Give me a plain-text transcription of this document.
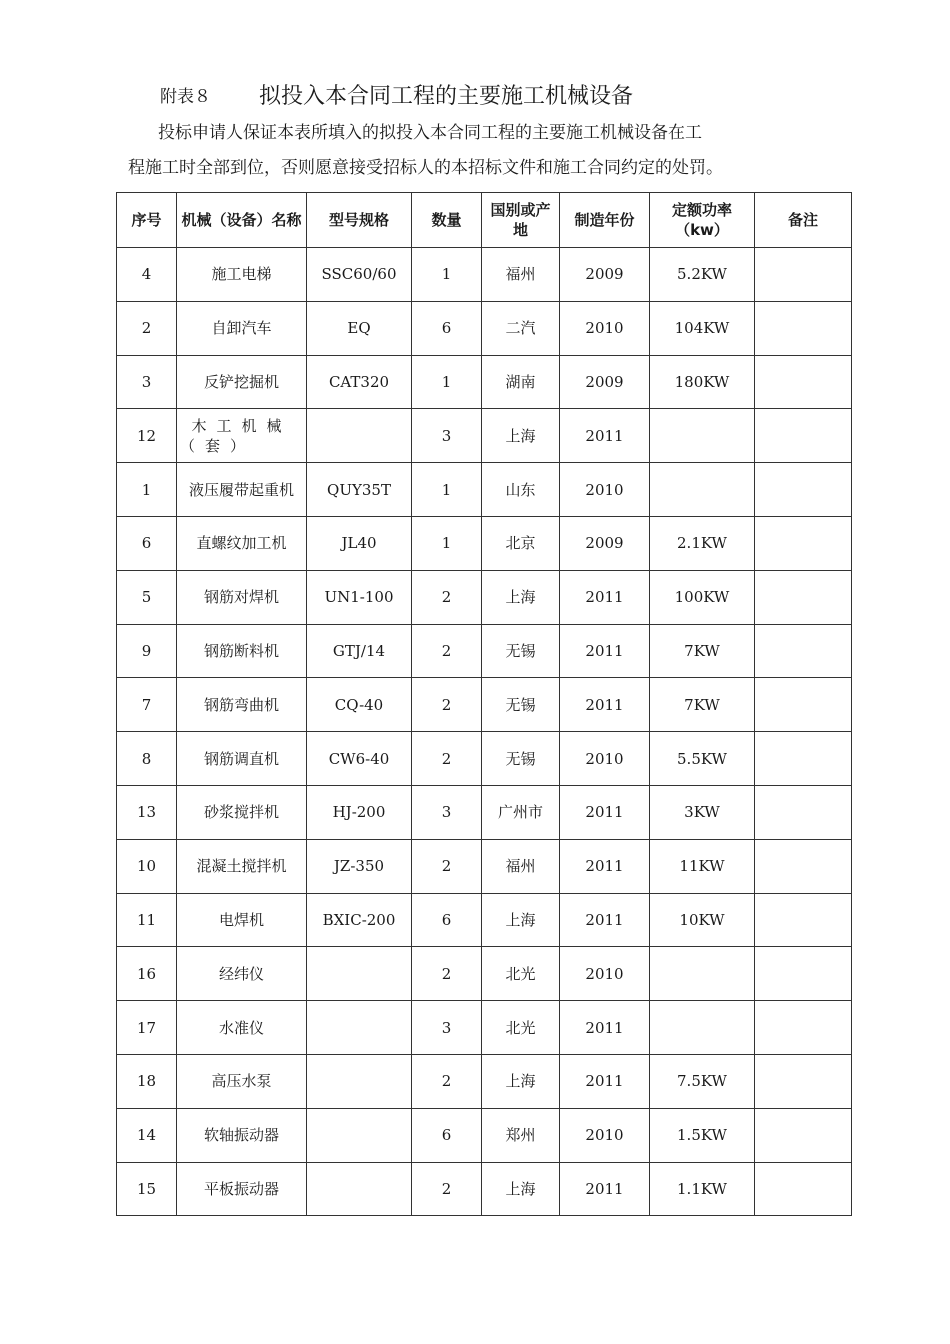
附表８ 拟投入本合同工程的主要施工机械设备
投标申请人保证本表所填入的拟投入本合同工程的主要施工机械设备在工
程施工时全部到位，否则愿意接受招标人的本招标文件和施工合同约定的处罚。
序号	机械（设备）名称	型号规格	数量	国别或产地	制造年份	定额功率（kw）	备注
4	施工电梯	SSC60/60	1	福州	2009	5.2KW	
2	自卸汽车	EQ	6	二汽	2010	104KW	
3	反铲挖掘机	CAT320	1	湖南	2009	180KW	
12	木工机械（套）		3	上海	2011		
1	液压履带起重机	QUY35T	1	山东	2010		
6	直螺纹加工机	JL40	1	北京	2009	2.1KW	
5	钢筋对焊机	UN1-100	2	上海	2011	100KW	
9	钢筋断料机	GTJ/14	2	无锡	2011	7KW	
7	钢筋弯曲机	CQ-40	2	无锡	2011	7KW	
8	钢筋调直机	CW6-40	2	无锡	2010	5.5KW	
13	砂浆搅拌机	HJ-200	3	广州市	2011	3KW	
10	混凝土搅拌机	JZ-350	2	福州	2011	11KW	
11	电焊机	BXIC-200	6	上海	2011	10KW	
16	经纬仪		2	北光	2010		
17	水准仪		3	北光	2011		
18	高压水泵		2	上海	2011	7.5KW	
14	软轴振动器		6	郑州	2010	1.5KW	
15	平板振动器		2	上海	2011	1.1KW	
